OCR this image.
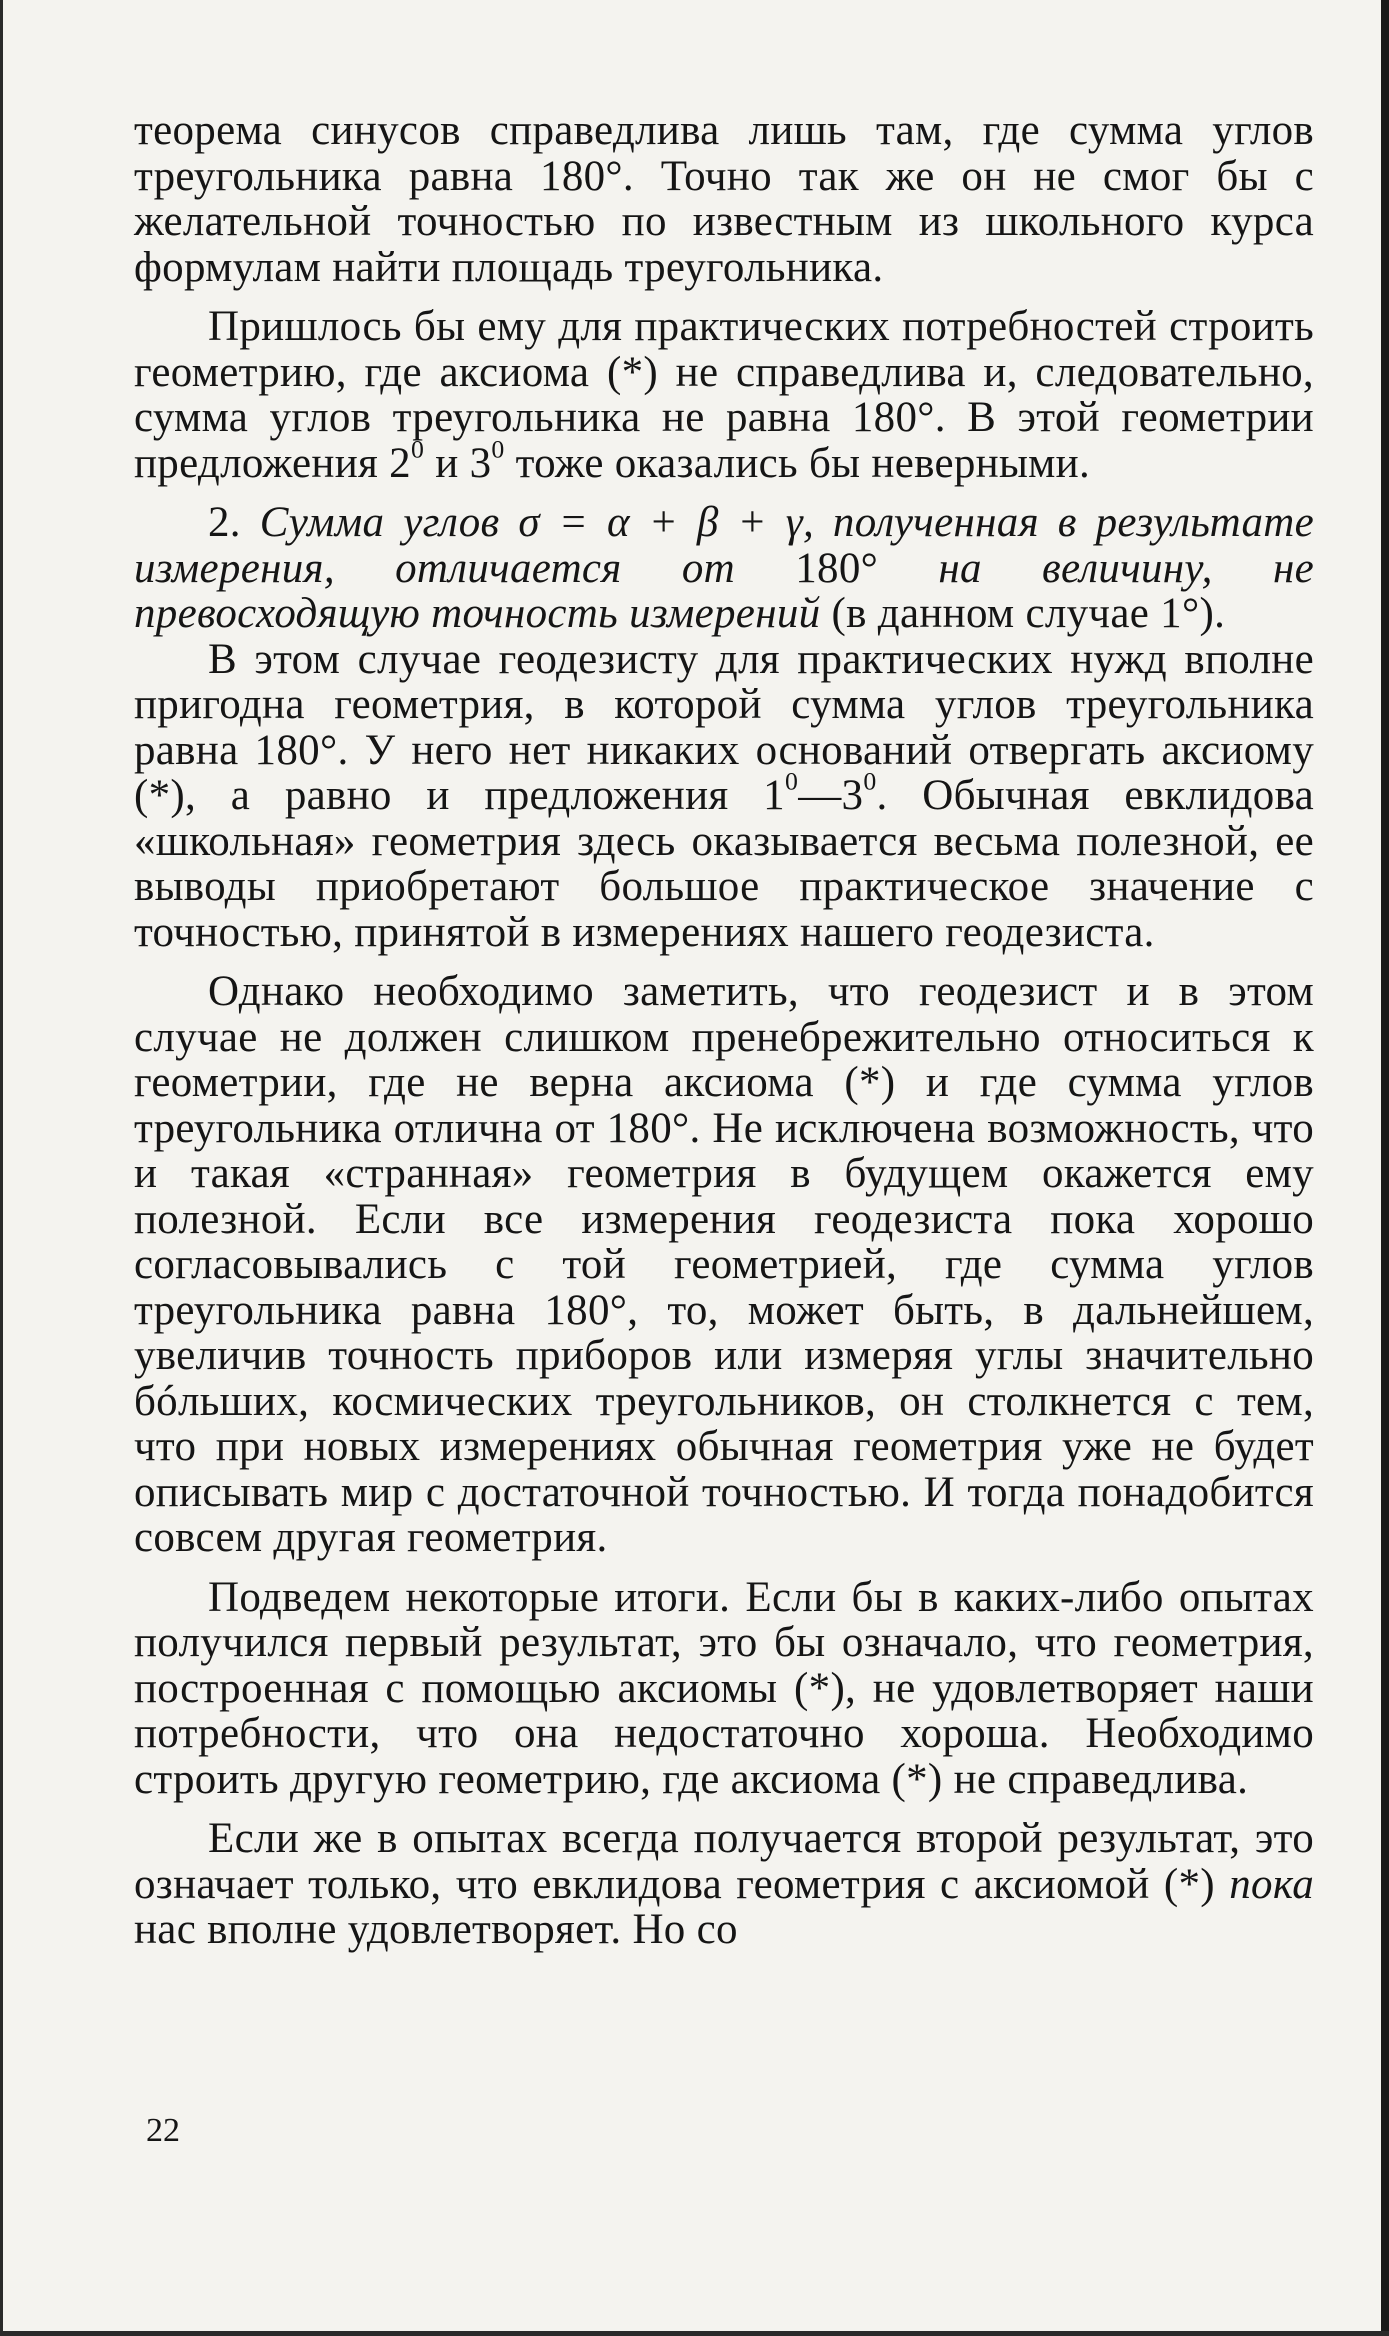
теорема синусов справедлива лишь там, где сумма углов треугольника равна 180°. Точно так же он не смог бы с желательной точностью по известным из школьного курса формулам найти площадь треугольника.

Пришлось бы ему для практических потребностей строить геометрию, где аксиома (*) не справедлива и, следовательно, сумма углов треугольника не равна 180°. В этой геометрии предложения $2^0$ и $3^0$ тоже оказались бы неверными.

2. Сумма углов σ = α + β + γ, полученная в результате измерения, отличается от 180° на величину, не превосходящую точность измерений (в данном случае 1°).

В этом случае геодезисту для практических нужд вполне пригодна геометрия, в которой сумма углов треугольника равна 180°. У него нет никаких оснований отвергать аксиому (*), а равно и предложения $1^0—3^0$. Обычная евклидова «школьная» геометрия здесь оказывается весьма полезной, ее выводы приобретают большое практическое значение с точностью, принятой в измерениях нашего геодезиста.

Однако необходимо заметить, что геодезист и в этом случае не должен слишком пренебрежительно относиться к геометрии, где не верна аксиома (*) и где сумма углов треугольника отлична от 180°. Не исключена возможность, что и такая «странная» геометрия в будущем окажется ему полезной. Если все измерения геодезиста пока хорошо согласовывались с той геометрией, где сумма углов треугольника равна 180°, то, может быть, в дальнейшем, увеличив точность приборов или измеряя углы значительно бóльших, космических треугольников, он столкнется с тем, что при новых измерениях обычная геометрия уже не будет описывать мир с достаточной точностью. И тогда понадобится совсем другая геометрия.

Подведем некоторые итоги. Если бы в каких-либо опытах получился первый результат, это бы означало, что геометрия, построенная с помощью аксиомы (*), не удовлетворяет наши потребности, что она недостаточно хороша. Необходимо строить другую геометрию, где аксиома (*) не справедлива.

Если же в опытах всегда получается второй результат, это означает только, что евклидова геометрия с аксиомой (*) пока нас вполне удовлетворяет. Но со

22
